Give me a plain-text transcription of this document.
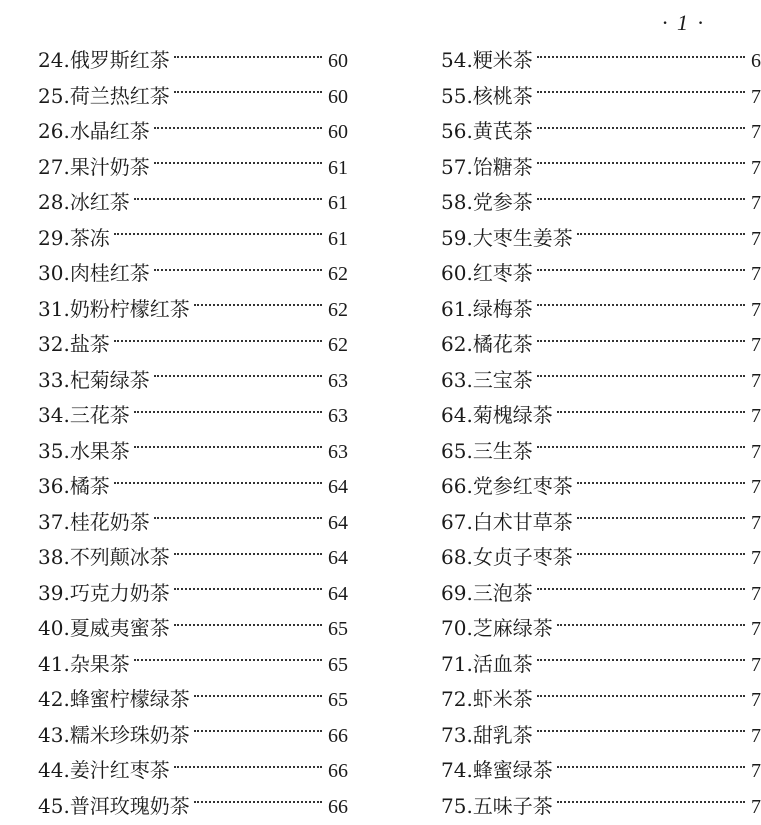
· 1 ·
24. 俄罗斯红茶	60
25. 荷兰热红茶	60
26. 水晶红茶	60
27. 果汁奶茶	61
28. 冰红茶	61
29. 茶冻	61
30. 肉桂红茶	62
31. 奶粉柠檬红茶	62
32. 盐茶	62
33. 杞菊绿茶	63
34. 三花茶	63
35. 水果茶	63
36. 橘茶	64
37. 桂花奶茶	64
38. 不列颠冰茶	64
39. 巧克力奶茶	64
40. 夏威夷蜜茶	65
41. 杂果茶	65
42. 蜂蜜柠檬绿茶	65
43. 糯米珍珠奶茶	66
44. 姜汁红枣茶	66
45. 普洱玫瑰奶茶	66
54. 粳米茶	6
55. 核桃茶	7
56. 黄芪茶	7
57. 饴糖茶	7
58. 党参茶	7
59. 大枣生姜茶	7
60. 红枣茶	7
61. 绿梅茶	7
62. 橘花茶	7
63. 三宝茶	7
64. 菊槐绿茶	7
65. 三生茶	7
66. 党参红枣茶	7
67. 白术甘草茶	7
68. 女贞子枣茶	7
69. 三泡茶	7
70. 芝麻绿茶	7
71. 活血茶	7
72. 虾米茶	7
73. 甜乳茶	7
74. 蜂蜜绿茶	7
75. 五味子茶	7
